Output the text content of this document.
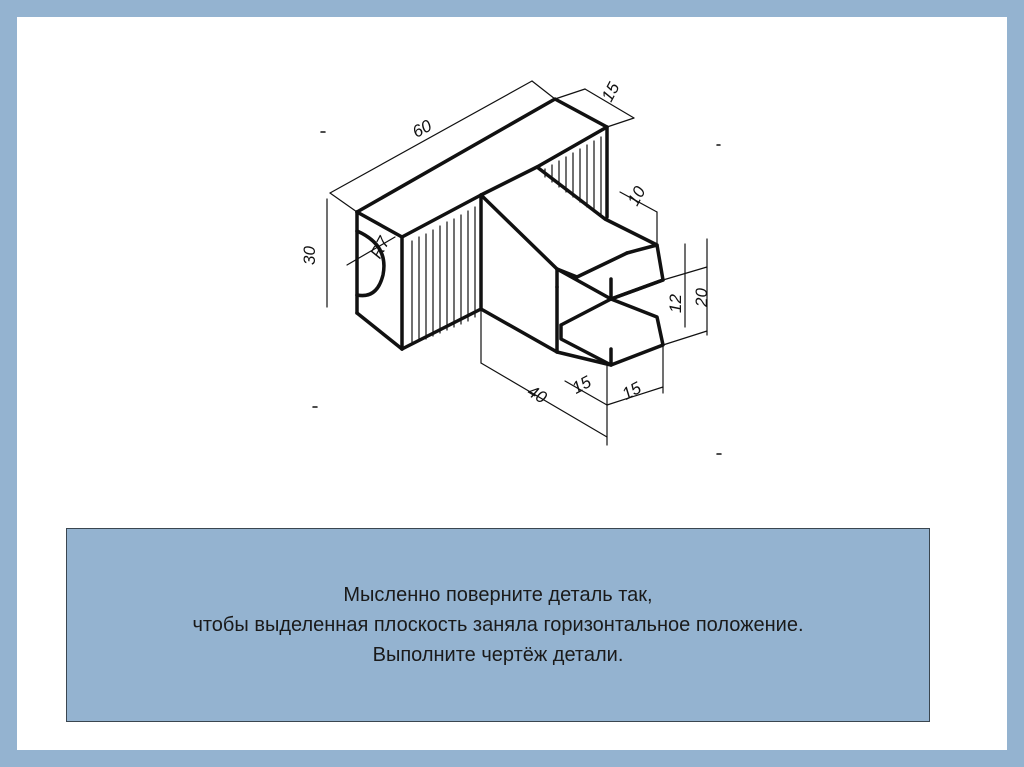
60
15
10
30	R7
20
12
40 15 15
Мысленно поверните деталь так,
чтобы выделенная плоскость заняла горизонтальное положение.
Выполните чертёж детали.
